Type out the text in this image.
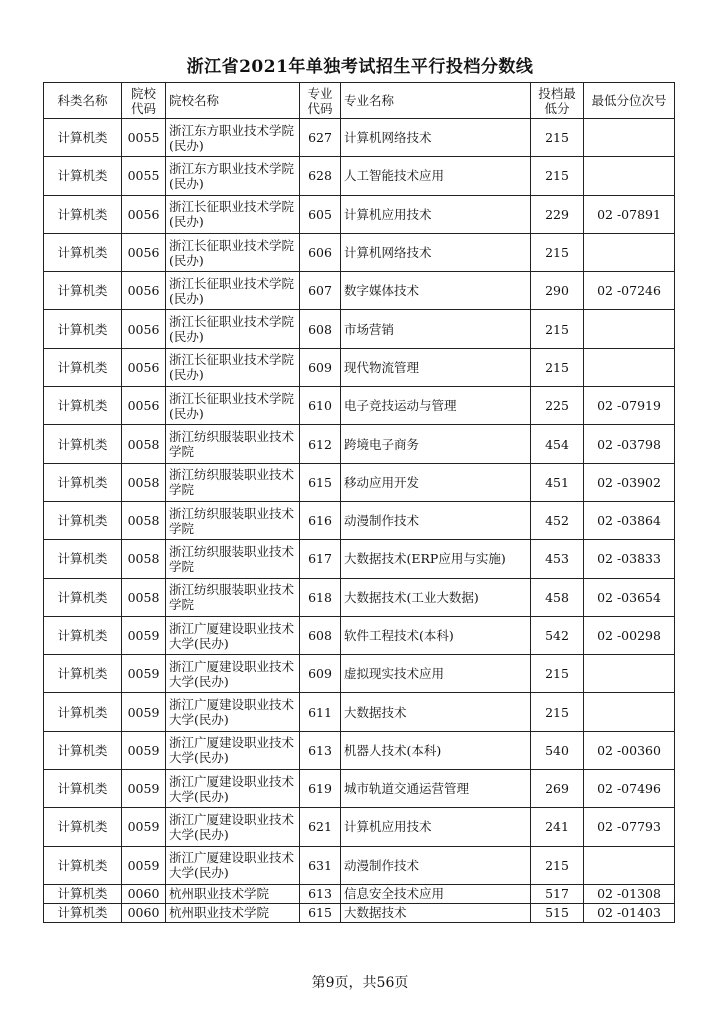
浙江省2021年单独考试招生平行投档分数线
科类名称	院校代码	院校名称	专业代码	专业名称	投档最低分	最低分位次号
计算机类	0055	浙江东方职业技术学院(民办)	627	计算机网络技术	215	
计算机类	0055	浙江东方职业技术学院(民办)	628	人工智能技术应用	215	
计算机类	0056	浙江长征职业技术学院(民办)	605	计算机应用技术	229	02 -07891
计算机类	0056	浙江长征职业技术学院(民办)	606	计算机网络技术	215	
计算机类	0056	浙江长征职业技术学院(民办)	607	数字媒体技术	290	02 -07246
计算机类	0056	浙江长征职业技术学院(民办)	608	市场营销	215	
计算机类	0056	浙江长征职业技术学院(民办)	609	现代物流管理	215	
计算机类	0056	浙江长征职业技术学院(民办)	610	电子竞技运动与管理	225	02 -07919
计算机类	0058	浙江纺织服装职业技术学院	612	跨境电子商务	454	02 -03798
计算机类	0058	浙江纺织服装职业技术学院	615	移动应用开发	451	02 -03902
计算机类	0058	浙江纺织服装职业技术学院	616	动漫制作技术	452	02 -03864
计算机类	0058	浙江纺织服装职业技术学院	617	大数据技术(ERP应用与实施)	453	02 -03833
计算机类	0058	浙江纺织服装职业技术学院	618	大数据技术(工业大数据)	458	02 -03654
计算机类	0059	浙江广厦建设职业技术大学(民办)	608	软件工程技术(本科)	542	02 -00298
计算机类	0059	浙江广厦建设职业技术大学(民办)	609	虚拟现实技术应用	215	
计算机类	0059	浙江广厦建设职业技术大学(民办)	611	大数据技术	215	
计算机类	0059	浙江广厦建设职业技术大学(民办)	613	机器人技术(本科)	540	02 -00360
计算机类	0059	浙江广厦建设职业技术大学(民办)	619	城市轨道交通运营管理	269	02 -07496
计算机类	0059	浙江广厦建设职业技术大学(民办)	621	计算机应用技术	241	02 -07793
计算机类	0059	浙江广厦建设职业技术大学(民办)	631	动漫制作技术	215	
计算机类	0060	杭州职业技术学院	613	信息安全技术应用	517	02 -01308
计算机类	0060	杭州职业技术学院	615	大数据技术	515	02 -01403
第9页，共56页
